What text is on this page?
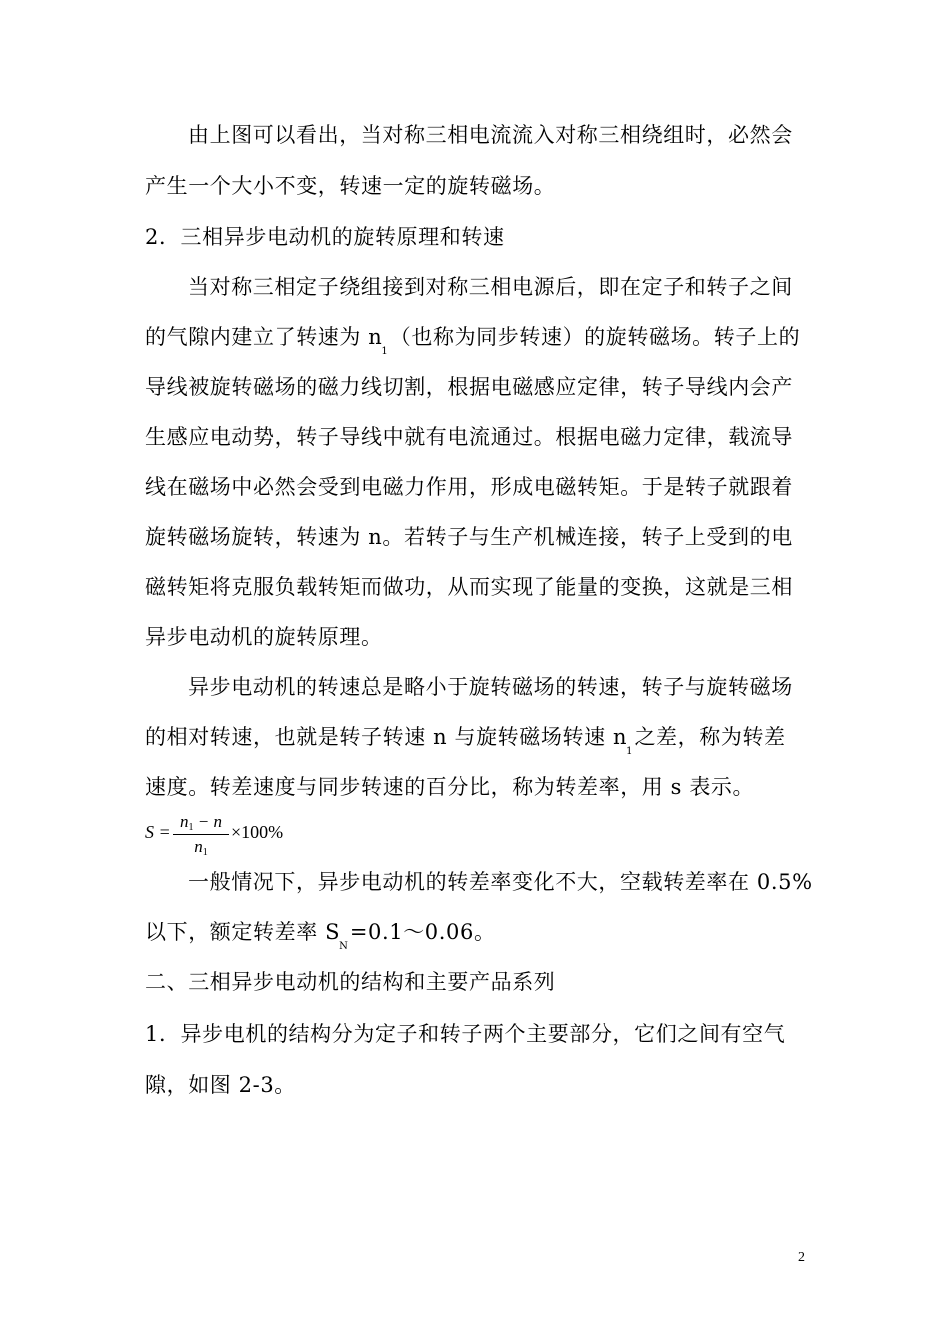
由上图可以看出，当对称三相电流流入对称三相绕组时，必然会
产生一个大小不变，转速一定的旋转磁场。
2．三相异步电动机的旋转原理和转速
当对称三相定子绕组接到对称三相电源后，即在定子和转子之间
的气隙内建立了转速为 n1（也称为同步转速）的旋转磁场。转子上的
导线被旋转磁场的磁力线切割，根据电磁感应定律，转子导线内会产
生感应电动势，转子导线中就有电流通过。根据电磁力定律，载流导
线在磁场中必然会受到电磁力作用，形成电磁转矩。于是转子就跟着
旋转磁场旋转，转速为 n。若转子与生产机械连接，转子上受到的电
磁转矩将克服负载转矩而做功，从而实现了能量的变换，这就是三相
异步电动机的旋转原理。
异步电动机的转速总是略小于旋转磁场的转速，转子与旋转磁场
的相对转速，也就是转子转速 n 与旋转磁场转速 n1之差，称为转差
速度。转差速度与同步转速的百分比，称为转差率，用 s 表示。
S =
n1 − n
n1
×100%
一般情况下，异步电动机的转差率变化不大，空载转差率在 0.5%
以下，额定转差率 SN=0.1～0.06。
二、三相异步电动机的结构和主要产品系列
1．异步电机的结构分为定子和转子两个主要部分，它们之间有空气
隙，如图 2-3。
2
